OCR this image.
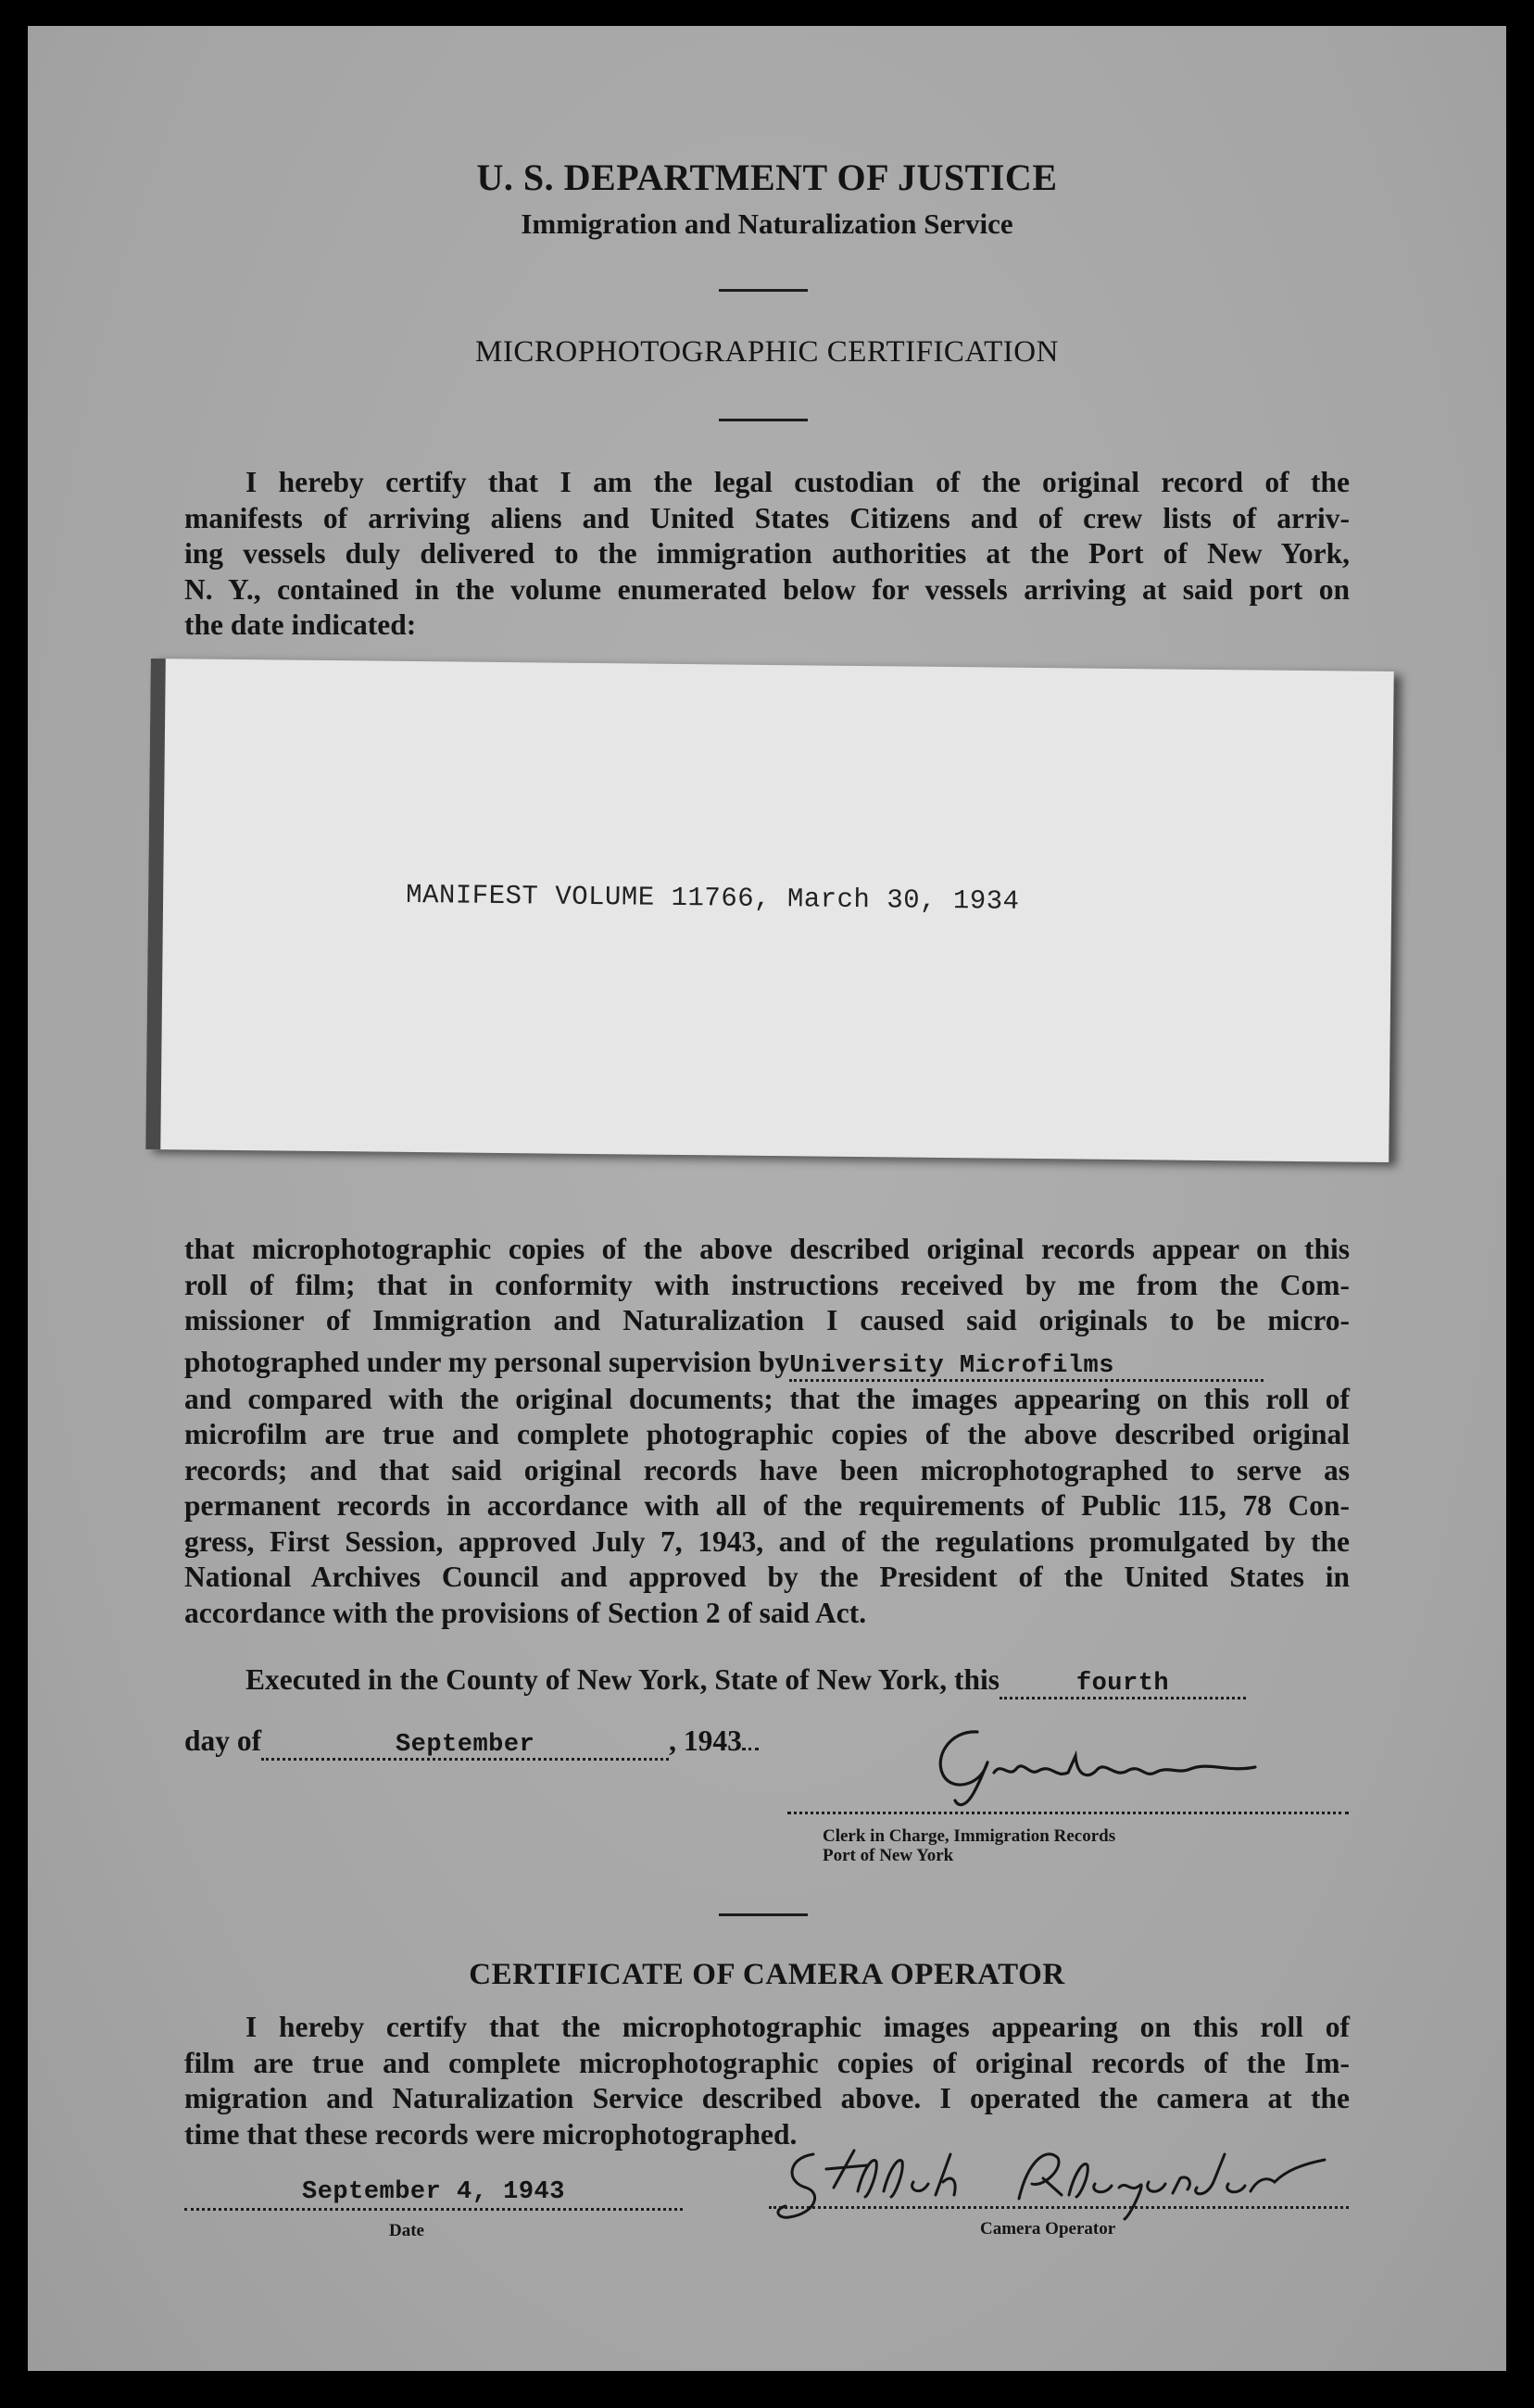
U. S. DEPARTMENT OF JUSTICE
Immigration and Naturalization Service
MICROPHOTOGRAPHIC CERTIFICATION

I hereby certify that I am the legal custodian of the original record of the
manifests of arriving aliens and United States Citizens and of crew lists of arriv-
ing vessels duly delivered to the immigration authorities at the Port of New York,
N. Y., contained in the volume enumerated below for vessels arriving at said port on
the date indicated:

MANIFEST VOLUME 11766, March 30, 1934

that microphotographic copies of the above described original records appear on this
roll of film; that in conformity with instructions received by me from the Com-
missioner of Immigration and Naturalization I caused said originals to be micro-
photographed under my personal supervision byUniversity Microfilms
and compared with the original documents; that the images appearing on this roll of
microfilm are true and complete photographic copies of the above described original
records; and that said original records have been microphotographed to serve as
permanent records in accordance with all of the requirements of Public 115, 78 Con-
gress, First Session, approved July 7, 1943, and of the regulations promulgated by the
National Archives Council and approved by the President of the United States in
accordance with the provisions of Section 2 of said Act.

Executed in the County of New York, State of New York, this	fourth
day of	September	, 1943
Clerk in Charge, Immigration Records
Port of New York
CERTIFICATE OF CAMERA OPERATOR

I hereby certify that the microphotographic images appearing on this roll of
film are true and complete microphotographic copies of original records of the Im-
migration and Naturalization Service described above. I operated the camera at the
time that these records were microphotographed.

September 4, 1943
Date	Camera Operator
